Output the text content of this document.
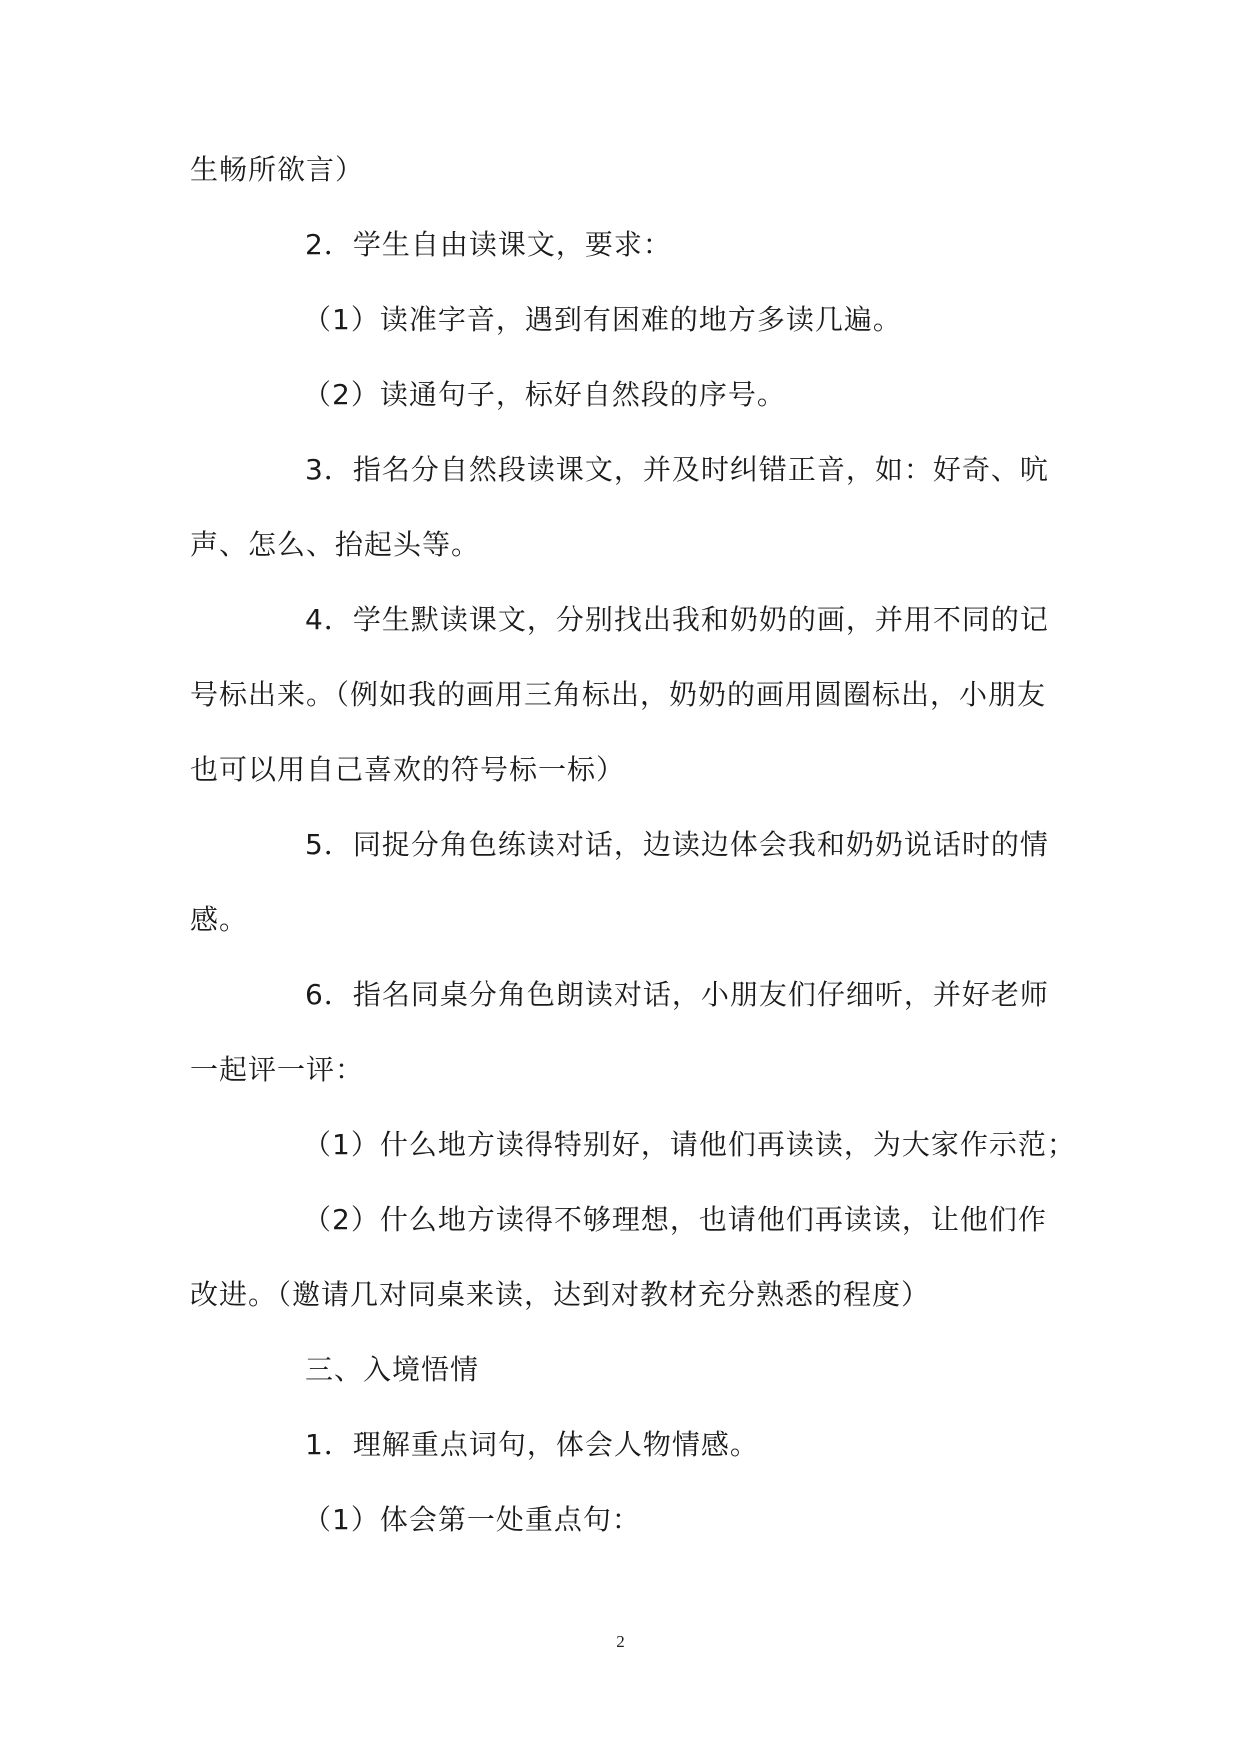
生畅所欲言）
2．学生自由读课文，要求：
（1）读准字音，遇到有困难的地方多读几遍。
（2）读通句子，标好自然段的序号。
3．指名分自然段读课文，并及时纠错正音，如：好奇、吭
声、怎么、抬起头等。
4．学生默读课文，分别找出我和奶奶的画，并用不同的记
号标出来。（例如我的画用三角标出，奶奶的画用圆圈标出，小朋友
也可以用自己喜欢的符号标一标）
5．同捉分角色练读对话，边读边体会我和奶奶说话时的情
感。
6．指名同桌分角色朗读对话，小朋友们仔细听，并好老师
一起评一评：
（1）什么地方读得特别好，请他们再读读，为大家作示范；
（2）什么地方读得不够理想，也请他们再读读，让他们作
改进。（邀请几对同桌来读，达到对教材充分熟悉的程度）
三、入境悟情
1．理解重点词句，体会人物情感。
（1）体会第一处重点句：
2
